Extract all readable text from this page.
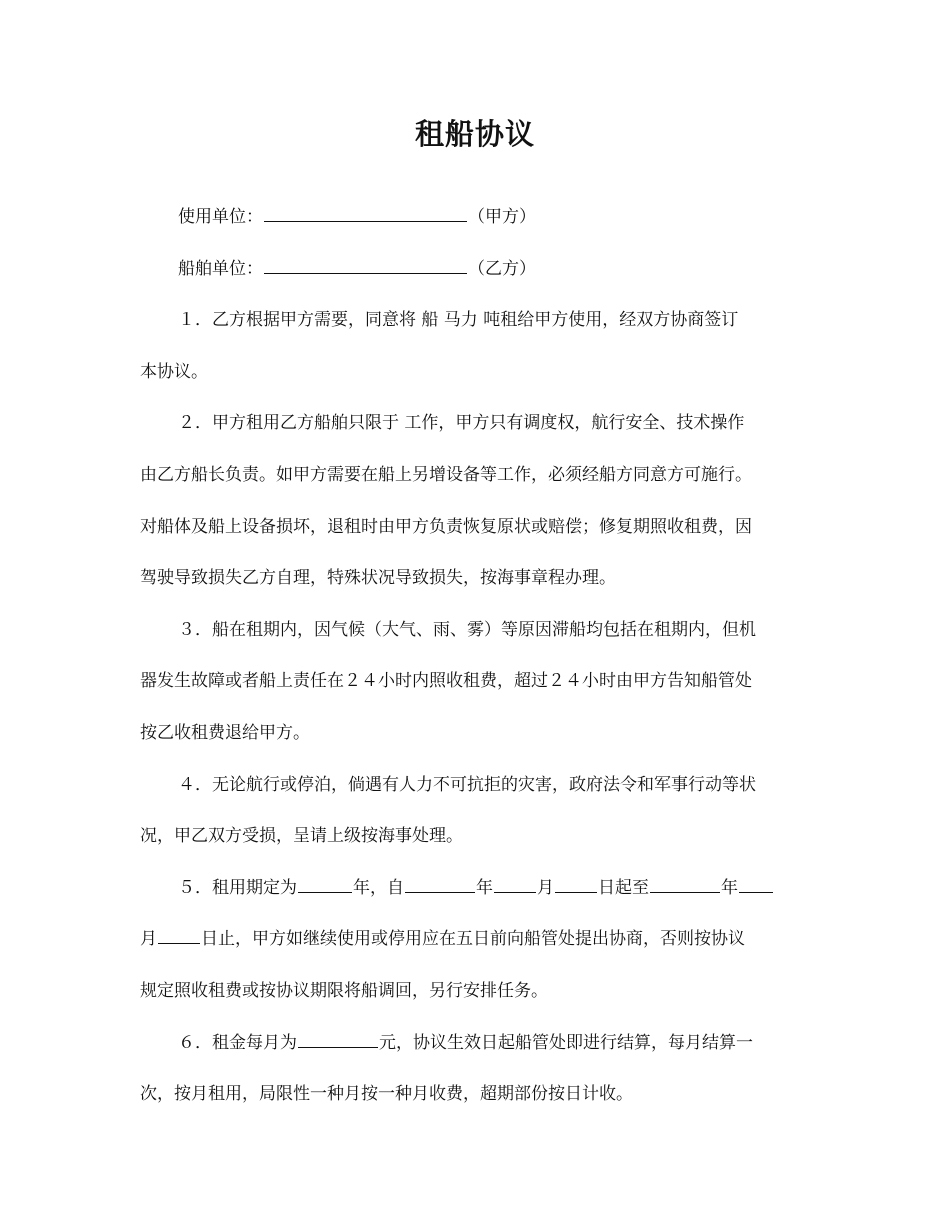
租船协议
使用单位：	（甲方）
船舶单位：	（乙方）
１．乙方根据甲方需要，同意将 船 马力 吨租给甲方使用，经双方协商签订
本协议。
２．甲方租用乙方船舶只限于 工作，甲方只有调度权，航行安全、技术操作
由乙方船长负责。如甲方需要在船上另增设备等工作，必须经船方同意方可施行。
对船体及船上设备损坏，退租时由甲方负责恢复原状或赔偿；修复期照收租费，因
驾驶导致损失乙方自理，特殊状况导致损失，按海事章程办理。
３．船在租期内，因气候（大气、雨、雾）等原因滞船均包括在租期内，但机
器发生故障或者船上责任在２４小时内照收租费，超过２４小时由甲方告知船管处
按乙收租费退给甲方。
４．无论航行或停泊，倘遇有人力不可抗拒的灾害，政府法令和军事行动等状
况，甲乙双方受损，呈请上级按海事处理。
５．租用期定为	年，自	年	月	日起至	年
月	日止，甲方如继续使用或停用应在五日前向船管处提出协商，否则按协议
规定照收租费或按协议期限将船调回，另行安排任务。
６．租金每月为	元，协议生效日起船管处即进行结算，每月结算一
次，按月租用，局限性一种月按一种月收费，超期部份按日计收。
